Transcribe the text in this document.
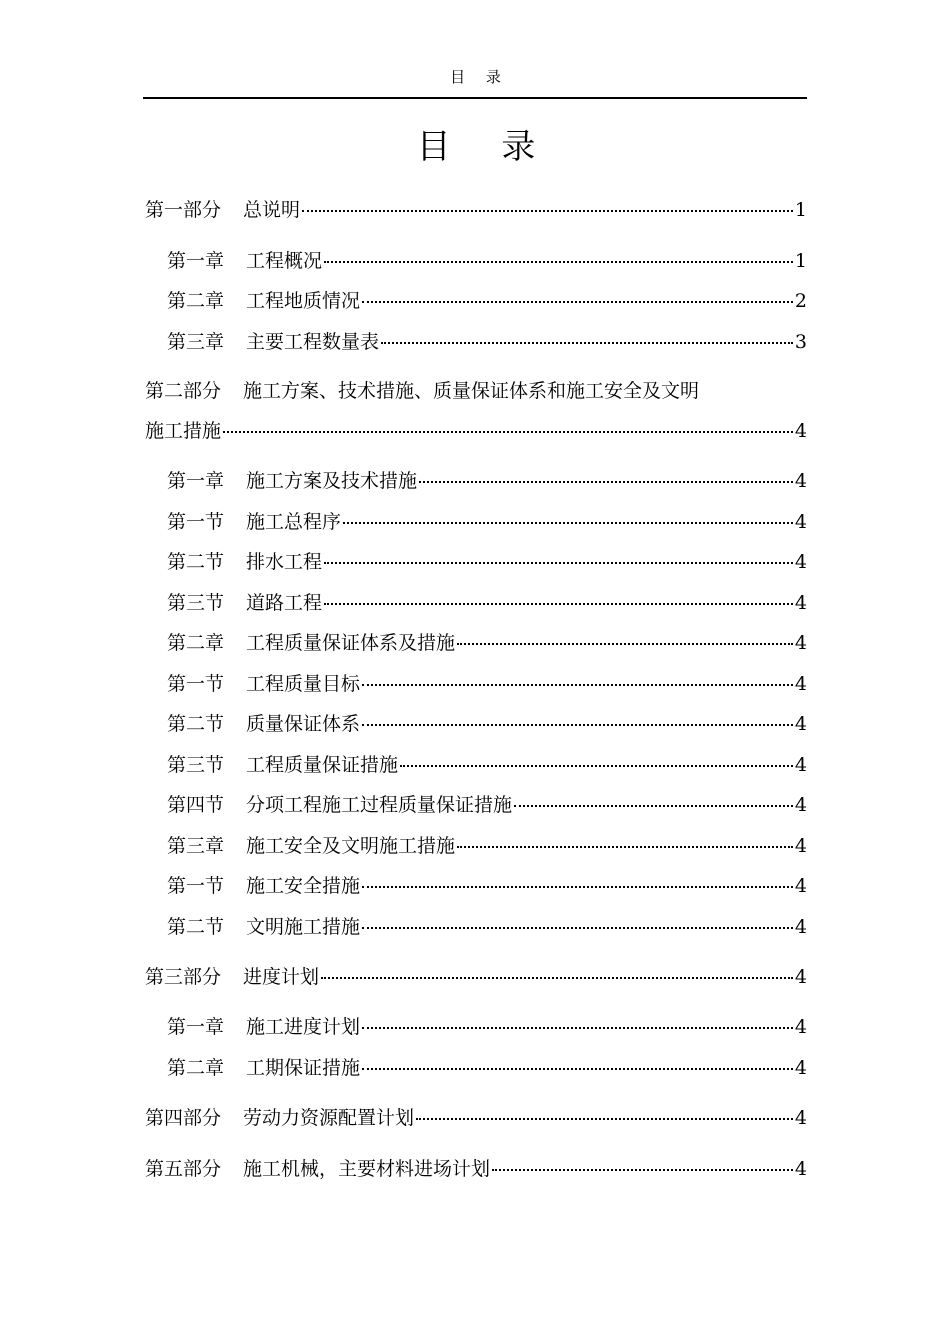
目 录
目 录
第一部分 总说明	1
第一章 工程概况	1
第二章 工程地质情况	2
第三章 主要工程数量表	3
第二部分 施工方案、技术措施、质量保证体系和施工安全及文明
施工措施	4
第一章 施工方案及技术措施	4
第一节 施工总程序	4
第二节 排水工程	4
第三节 道路工程	4
第二章 工程质量保证体系及措施	4
第一节 工程质量目标	4
第二节 质量保证体系	4
第三节 工程质量保证措施	4
第四节 分项工程施工过程质量保证措施	4
第三章 施工安全及文明施工措施	4
第一节 施工安全措施	4
第二节 文明施工措施	4
第三部分 进度计划	4
第一章 施工进度计划	4
第二章 工期保证措施	4
第四部分 劳动力资源配置计划	4
第五部分 施工机械，主要材料进场计划	4
